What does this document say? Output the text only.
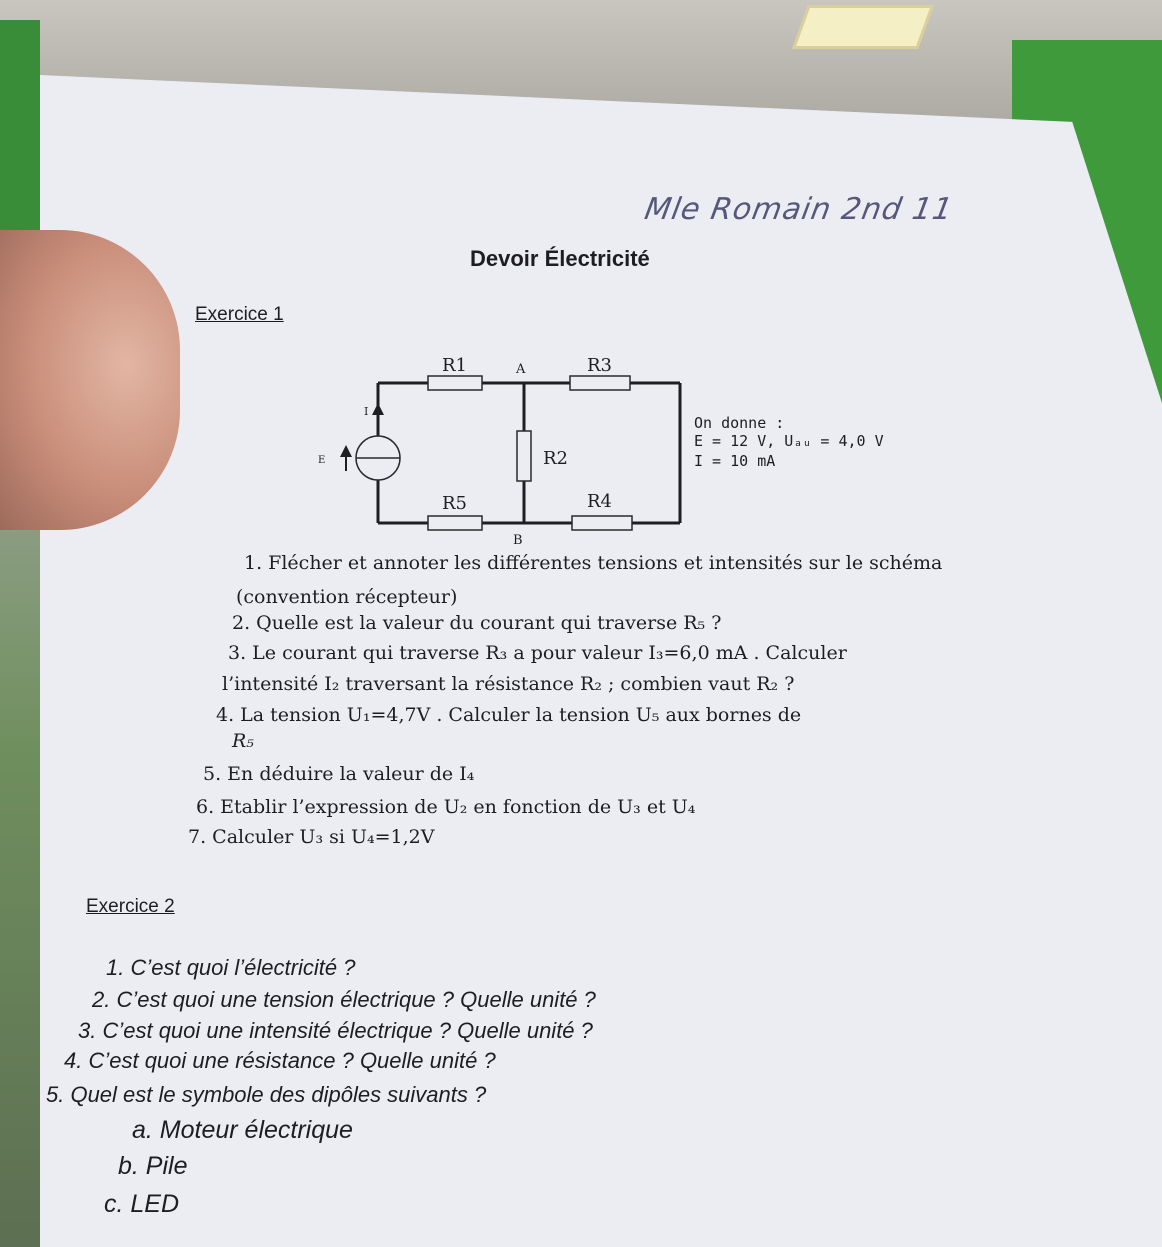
Mle Romain 2nd 11
Devoir Électricité
Exercice 1
R1	A	R3
I
E	R2
R5	R4
B
On donne :
E = 12 V, Uₐᵤ = 4,0 V
I = 10 mA
1. Flécher et annoter les différentes tensions et intensités sur le schéma
(convention récepteur)
2. Quelle est la valeur du courant qui traverse R₅ ?
3. Le courant qui traverse R₃ a pour valeur I₃=6,0 mA . Calculer
l’intensité I₂ traversant la résistance R₂ ; combien vaut R₂ ?
4. La tension U₁=4,7V . Calculer la tension U₅ aux bornes de
R₅
5. En déduire la valeur de I₄
6. Etablir l’expression de U₂ en fonction de U₃ et U₄
7. Calculer U₃ si U₄=1,2V
Exercice 2
1. C’est quoi l’électricité ?
2. C’est quoi une tension électrique ? Quelle unité ?
3. C’est quoi une intensité électrique ? Quelle unité ?
4. C’est quoi une résistance ? Quelle unité ?
5. Quel est le symbole des dipôles suivants ?
a. Moteur électrique
b. Pile
c. LED
